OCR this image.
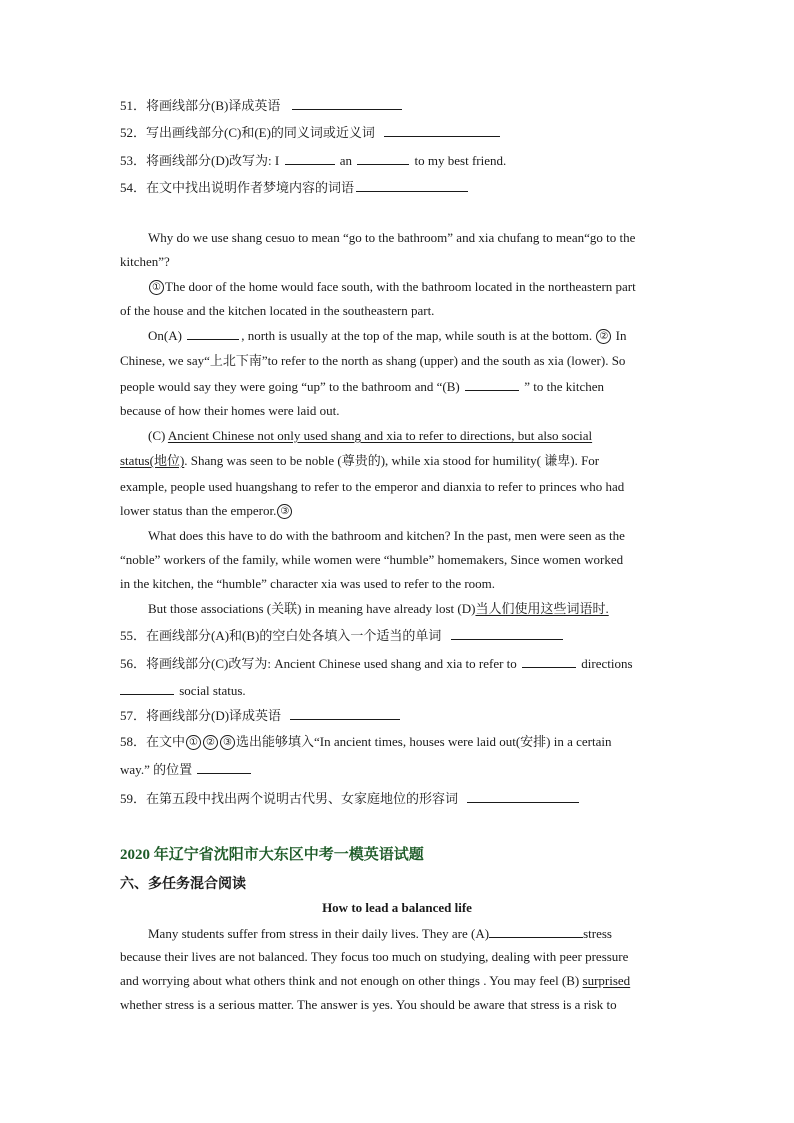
51．将画线部分(B)译成英语
52．写出画线部分(C)和(E)的同义词或近义词
53．将画线部分(D)改写为: I	an	to my best friend.
54．在文中找出说明作者梦境内容的词语
Why do we use shang cesuo to mean “go to the bathroom” and xia chufang to mean“go to the
kitchen”?
① The door of the home would face south, with the bathroom located in the northeastern part
of the house and the kitchen located in the southeastern part.
On(A)	, north is usually at the top of the map, while south is at the bottom. ② In
Chinese, we say“上北下南”to refer to the north as shang (upper) and the south as xia (lower). So
people would say they were going “up” to the bathroom and “(B)	” to the kitchen
because of how their homes were laid out.
(C) Ancient Chinese not only used shang and xia to refer to directions, but also social
status(地位). Shang was seen to be noble (尊贵的), while xia stood for humility( 谦卑). For
example, people used huangshang to refer to the emperor and dianxia to refer to princes who had
lower status than the emperor. ③
What does this have to do with the bathroom and kitchen? In the past, men were seen as the
“noble” workers of the family, while women were “humble” homemakers, Since women worked
in the kitchen, the “humble” character xia was used to refer to the room.
But those associations (关联) in meaning have already lost (D)当人们使用这些词语时.
55．在画线部分(A)和(B)的空白处各填入一个适当的单词
56．将画线部分(C)改写为: Ancient Chinese used shang and xia to refer to	directions
social status.
57．将画线部分(D)译成英语
58．在文中 ① ② ③ 选出能够填入“In ancient times, houses were laid out(安排) in a certain
way.” 的位置
59．在第五段中找出两个说明古代男、女家庭地位的形容词
2020 年辽宁省沈阳市大东区中考一模英语试题
六、多任务混合阅读
How to lead a balanced life
Many students suffer from stress in their daily lives. They are (A)	stress
because their lives are not balanced. They focus too much on studying, dealing with peer pressure
and worrying about what others think and not enough on other things . You may feel (B) surprised
whether stress is a serious matter. The answer is yes. You should be aware that stress is a risk to
